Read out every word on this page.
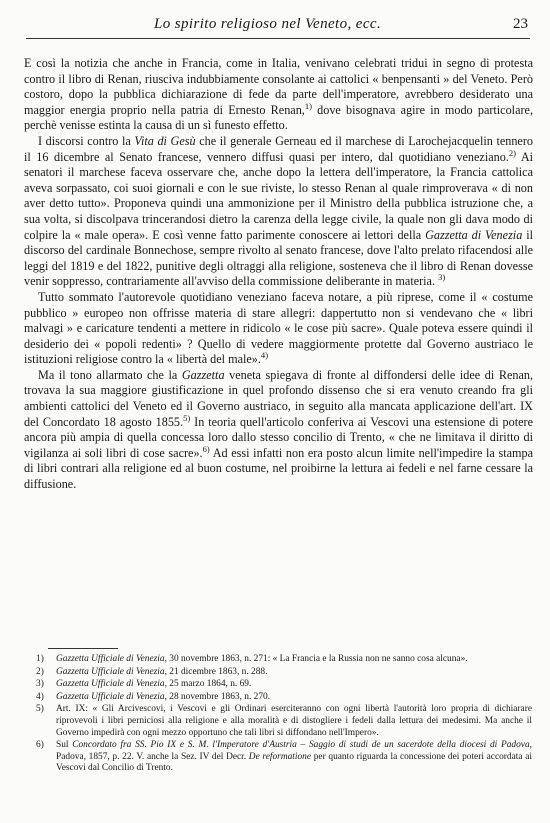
Lo spirito religioso nel Veneto, ecc.	23

E così la notizia che anche in Francia, come in Italia, venivano celebrati tridui in segno di protesta contro il libro di Renan, riusciva indubbiamente consolante ai cattolici « benpensanti » del Veneto. Però costoro, dopo la pubblica dichiarazione di fede da parte dell'imperatore, avrebbero desiderato una maggior energia proprio nella patria di Ernesto Renan,$^{1)}$ dove bisognava agire in modo particolare, perchè venisse estinta la causa di un sì funesto effetto.

I discorsi contro la Vita di Gesù che il generale Gerneau ed il marchese di Larochejacquelin tennero il 16 dicembre al Senato francese, vennero diffusi quasi per intero, dal quotidiano veneziano.$^{2)}$ Ai senatori il marchese faceva osservare che, anche dopo la lettera dell'imperatore, la Francia cattolica aveva sorpassato, coi suoi giornali e con le sue riviste, lo stesso Renan al quale rimproverava « di non aver detto tutto». Proponeva quindi una ammonizione per il Ministro della pubblica istruzione che, a sua volta, si discolpava trincerandosi dietro la carenza della legge civile, la quale non gli dava modo di colpire la « male opera». E così venne fatto parimente conoscere ai lettori della Gazzetta di Venezia il discorso del cardinale Bonnechose, sempre rivolto al senato francese, dove l'alto prelato rifacendosi alle leggi del 1819 e del 1822, punitive degli oltraggi alla religione, sosteneva che il libro di Renan dovesse venir soppresso, contrariamente all'avviso della commissione deliberante in materia. $^{3)}$

Tutto sommato l'autorevole quotidiano veneziano faceva notare, a più riprese, come il « costume pubblico » europeo non offrisse materia di stare allegri: dappertutto non si vendevano che « libri malvagi » e caricature tendenti a mettere in ridicolo « le cose più sacre». Quale poteva essere quindi il desiderio dei « popoli redenti» ? Quello di vedere maggiormente protette dal Governo austriaco le istituzioni religiose contro la « libertà del male».$^{4)}$

Ma il tono allarmato che la Gazzetta veneta spiegava di fronte al diffondersi delle idee di Renan, trovava la sua maggiore giustificazione in quel profondo dissenso che si era venuto creando fra gli ambienti cattolici del Veneto ed il Governo austriaco, in seguito alla mancata applicazione dell'art. IX del Concordato 18 agosto 1855.$^{5)}$ In teoria quell'articolo conferiva ai Vescovi una estensione di potere ancora più ampia di quella concessa loro dallo stesso concilio di Trento, « che ne limitava il diritto di vigilanza ai soli libri di cose sacre».$^{6)}$ Ad essi infatti non era posto alcun limite nell'impedire la stampa di libri contrari alla religione ed al buon costume, nel proibirne la lettura ai fedeli e nel farne cessare la diffusione.

1) Gazzetta Ufficiale di Venezia, 30 novembre 1863, n. 271: « La Francia e la Russia non ne sanno cosa alcuna».

2) Gazzetta Ufficiale di Venezia, 21 dicembre 1863, n. 288.

3) Gazzetta Ufficiale di Venezia, 25 marzo 1864, n. 69.

4) Gazzetta Ufficiale di Venezia, 28 novembre 1863, n. 270.

5) Art. IX: « Gli Arcivescovi, i Vescovi e gli Ordinari eserciteranno con ogni libertà l'autorità loro propria di dichiarare riprovevoli i libri perniciosi alla religione e alla moralità e di distogliere i fedeli dalla lettura dei medesimi. Ma anche il Governo impedirà con ogni mezzo opportuno che tali libri si diffondano nell'Impero».

6) Sul Concordato fra SS. Pio IX e S. M. l'Imperatore d'Austria – Saggio di studi de un sacerdote della diocesi di Padova, Padova, 1857, p. 22. V. anche la Sez. IV del Decr. De reformatione per quanto riguarda la concessione dei poteri accordata ai Vescovi dal Concilio di Trento.
